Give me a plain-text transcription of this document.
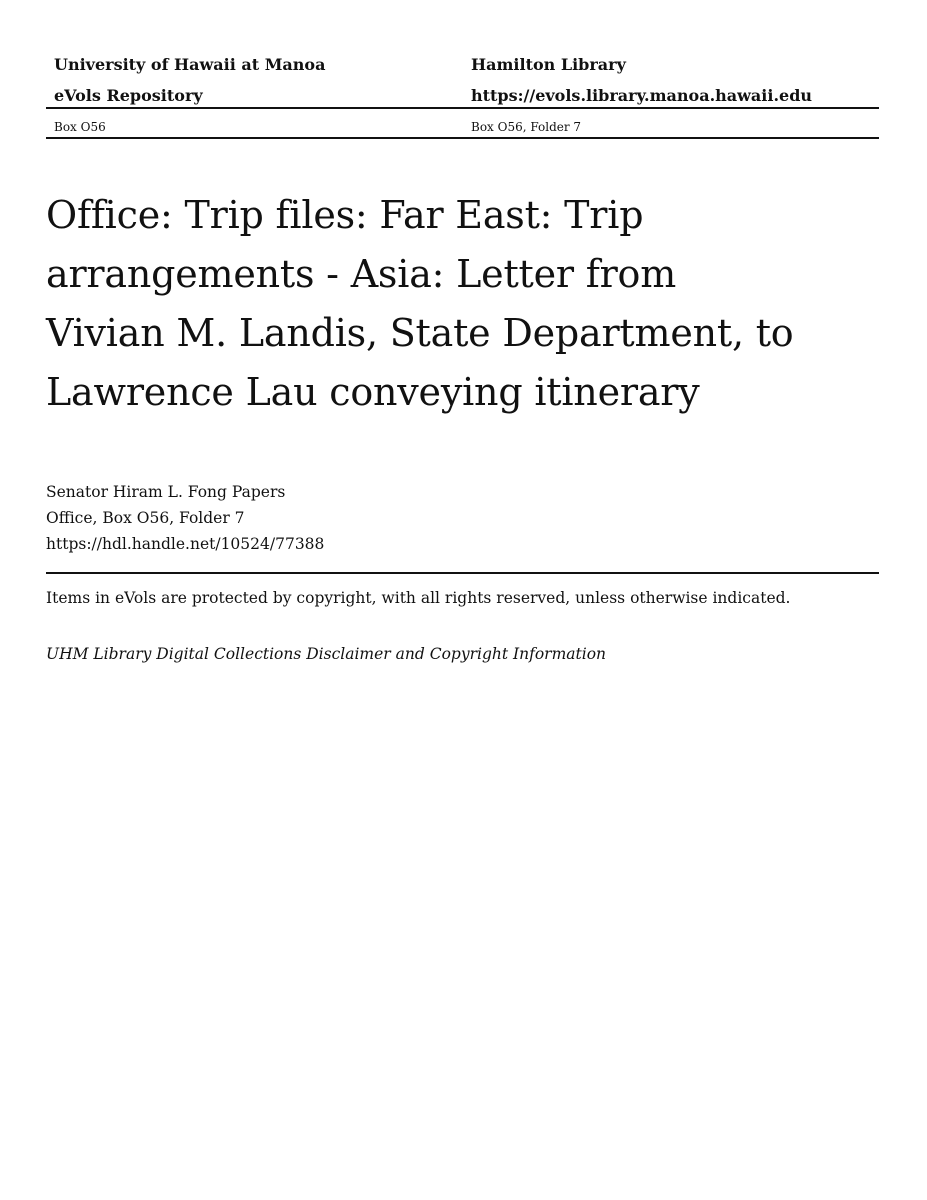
University of Hawaii at Manoa	Hamilton Library
eVols Repository	https://evols.library.manoa.hawaii.edu
Box O56	Box O56, Folder 7
Office: Trip files: Far East: Trip arrangements - Asia: Letter from Vivian M. Landis, State Department, to Lawrence Lau conveying itinerary
Senator Hiram L. Fong Papers
Office, Box O56, Folder 7
https://hdl.handle.net/10524/77388
Items in eVols are protected by copyright, with all rights reserved, unless otherwise indicated.
UHM Library Digital Collections Disclaimer and Copyright Information
